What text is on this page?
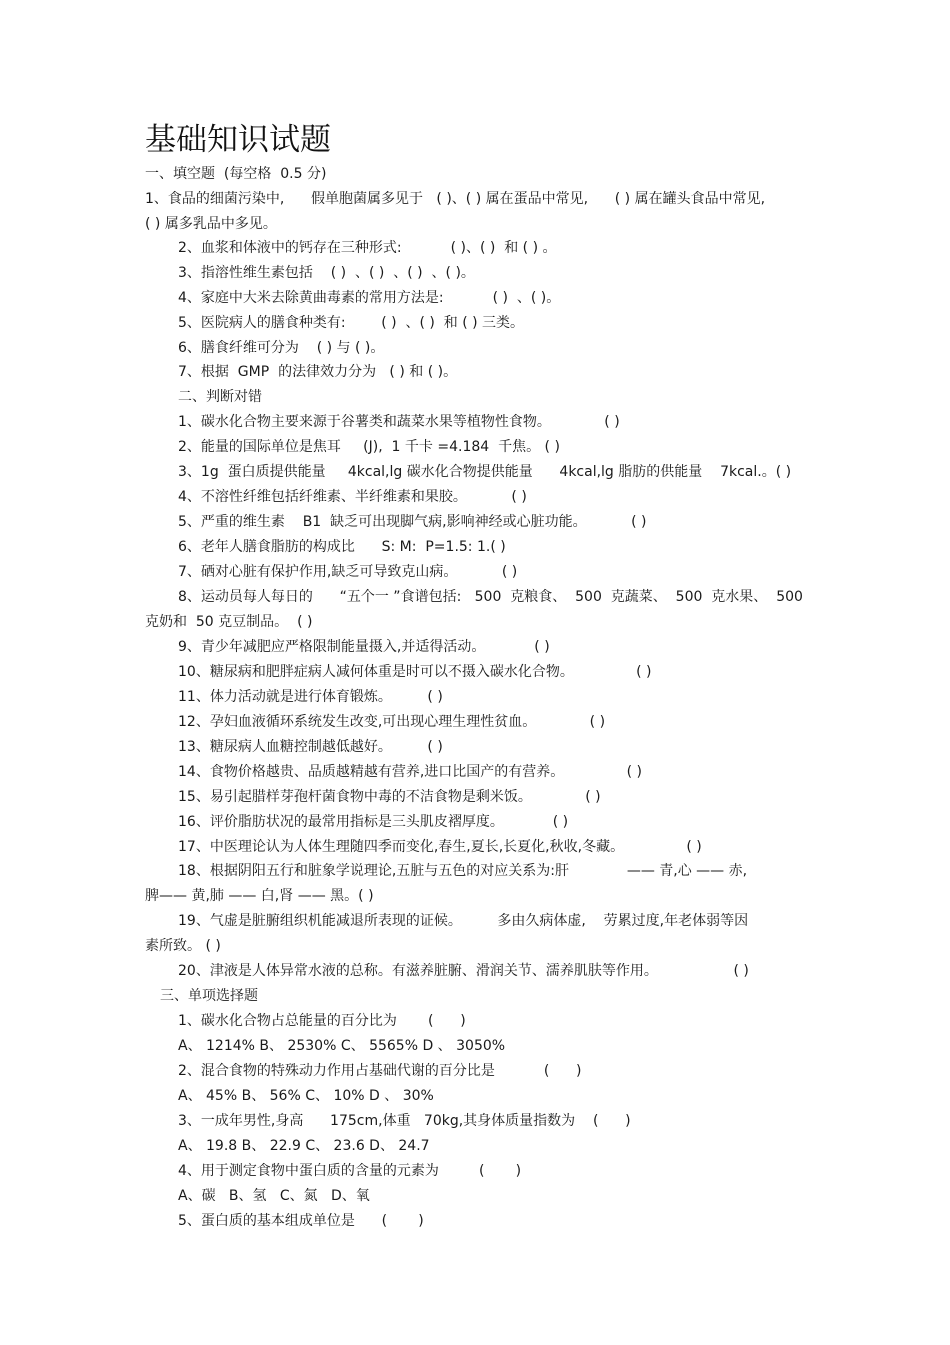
基础知识试题

一、填空题  (每空格  0.5 分)

1、食品的细菌污染中,      假单胞菌属多见于   ( )、( ) 属在蛋品中常见,      ( ) 属在罐头食品中常见,

( ) 属多乳品中多见。

2、血浆和体液中的钙存在三种形式:           ( )、( )  和 ( ) 。

3、指溶性维生素包括    ( )  、( )  、( )  、( )。

4、家庭中大米去除黄曲毒素的常用方法是:           ( )  、( )。

5、医院病人的膳食种类有:        ( )  、( )  和 ( ) 三类。

6、膳食纤维可分为    ( ) 与 ( )。

7、根据  GMP  的法律效力分为   ( ) 和 ( )。

二、判断对错

1、碳水化合物主要来源于谷薯类和蔬菜水果等植物性食物。            ( )

2、能量的国际单位是焦耳     (J),  1 千卡 =4.184  千焦。 ( )

3、1g  蛋白质提供能量     4kcal,lg 碳水化合物提供能量      4kcal,lg 脂肪的供能量    7kcal.。( )

4、不溶性纤维包括纤维素、半纤维素和果胶。          ( )

5、严重的维生素    B1  缺乏可出现脚气病,影响神经或心脏功能。          ( )

6、老年人膳食脂肪的构成比      S: M:  P=1.5: 1.( )

7、硒对心脏有保护作用,缺乏可导致克山病。          ( )

8、运动员每人每日的      “五个一 ”食谱包括:   500  克粮食、  500  克蔬菜、  500  克水果、  500

克奶和  50 克豆制品。  ( )

9、青少年减肥应严格限制能量摄入,并适得活动。           ( )

10、糖尿病和肥胖症病人减何体重是时可以不摄入碳水化合物。              ( )

11、体力活动就是进行体育锻炼。        ( )

12、孕妇血液循环系统发生改变,可出现心理生理性贫血。            ( )

13、糖尿病人血糖控制越低越好。        ( )

14、食物价格越贵、品质越精越有营养,进口比国产的有营养。              ( )

15、易引起腊样芽孢杆菌食物中毒的不洁食物是剩米饭。            ( )

16、评价脂肪状况的最常用指标是三头肌皮褶厚度。           ( )

17、中医理论认为人体生理随四季而变化,春生,夏长,长夏化,秋收,冬藏。              ( )

18、根据阴阳五行和脏象学说理论,五脏与五色的对应关系为:肝             —— 青,心 —— 赤,

脾—— 黄,肺 —— 白,肾 —— 黑。( )

19、气虚是脏腑组织机能减退所表现的证候。        多由久病体虚,    劳累过度,年老体弱等因

素所致。 ( )

20、津液是人体异常水液的总称。有滋养脏腑、滑润关节、濡养肌肤等作用。                 ( )

三、单项选择题

1、碳水化合物占总能量的百分比为       (      )

A、 1214% B、 2530% C、 5565% D 、 3050%

2、混合食物的特殊动力作用占基础代谢的百分比是           (      )

A、 45% B、 56% C、 10% D 、 30%

3、一成年男性,身高      175cm,体重   70kg,其身体质量指数为    (      )

A、 19.8 B、 22.9 C、 23.6 D、 24.7

4、用于测定食物中蛋白质的含量的元素为         (       )

A、碳   B、氢   C、氮   D、氧

5、蛋白质的基本组成单位是      (       )
